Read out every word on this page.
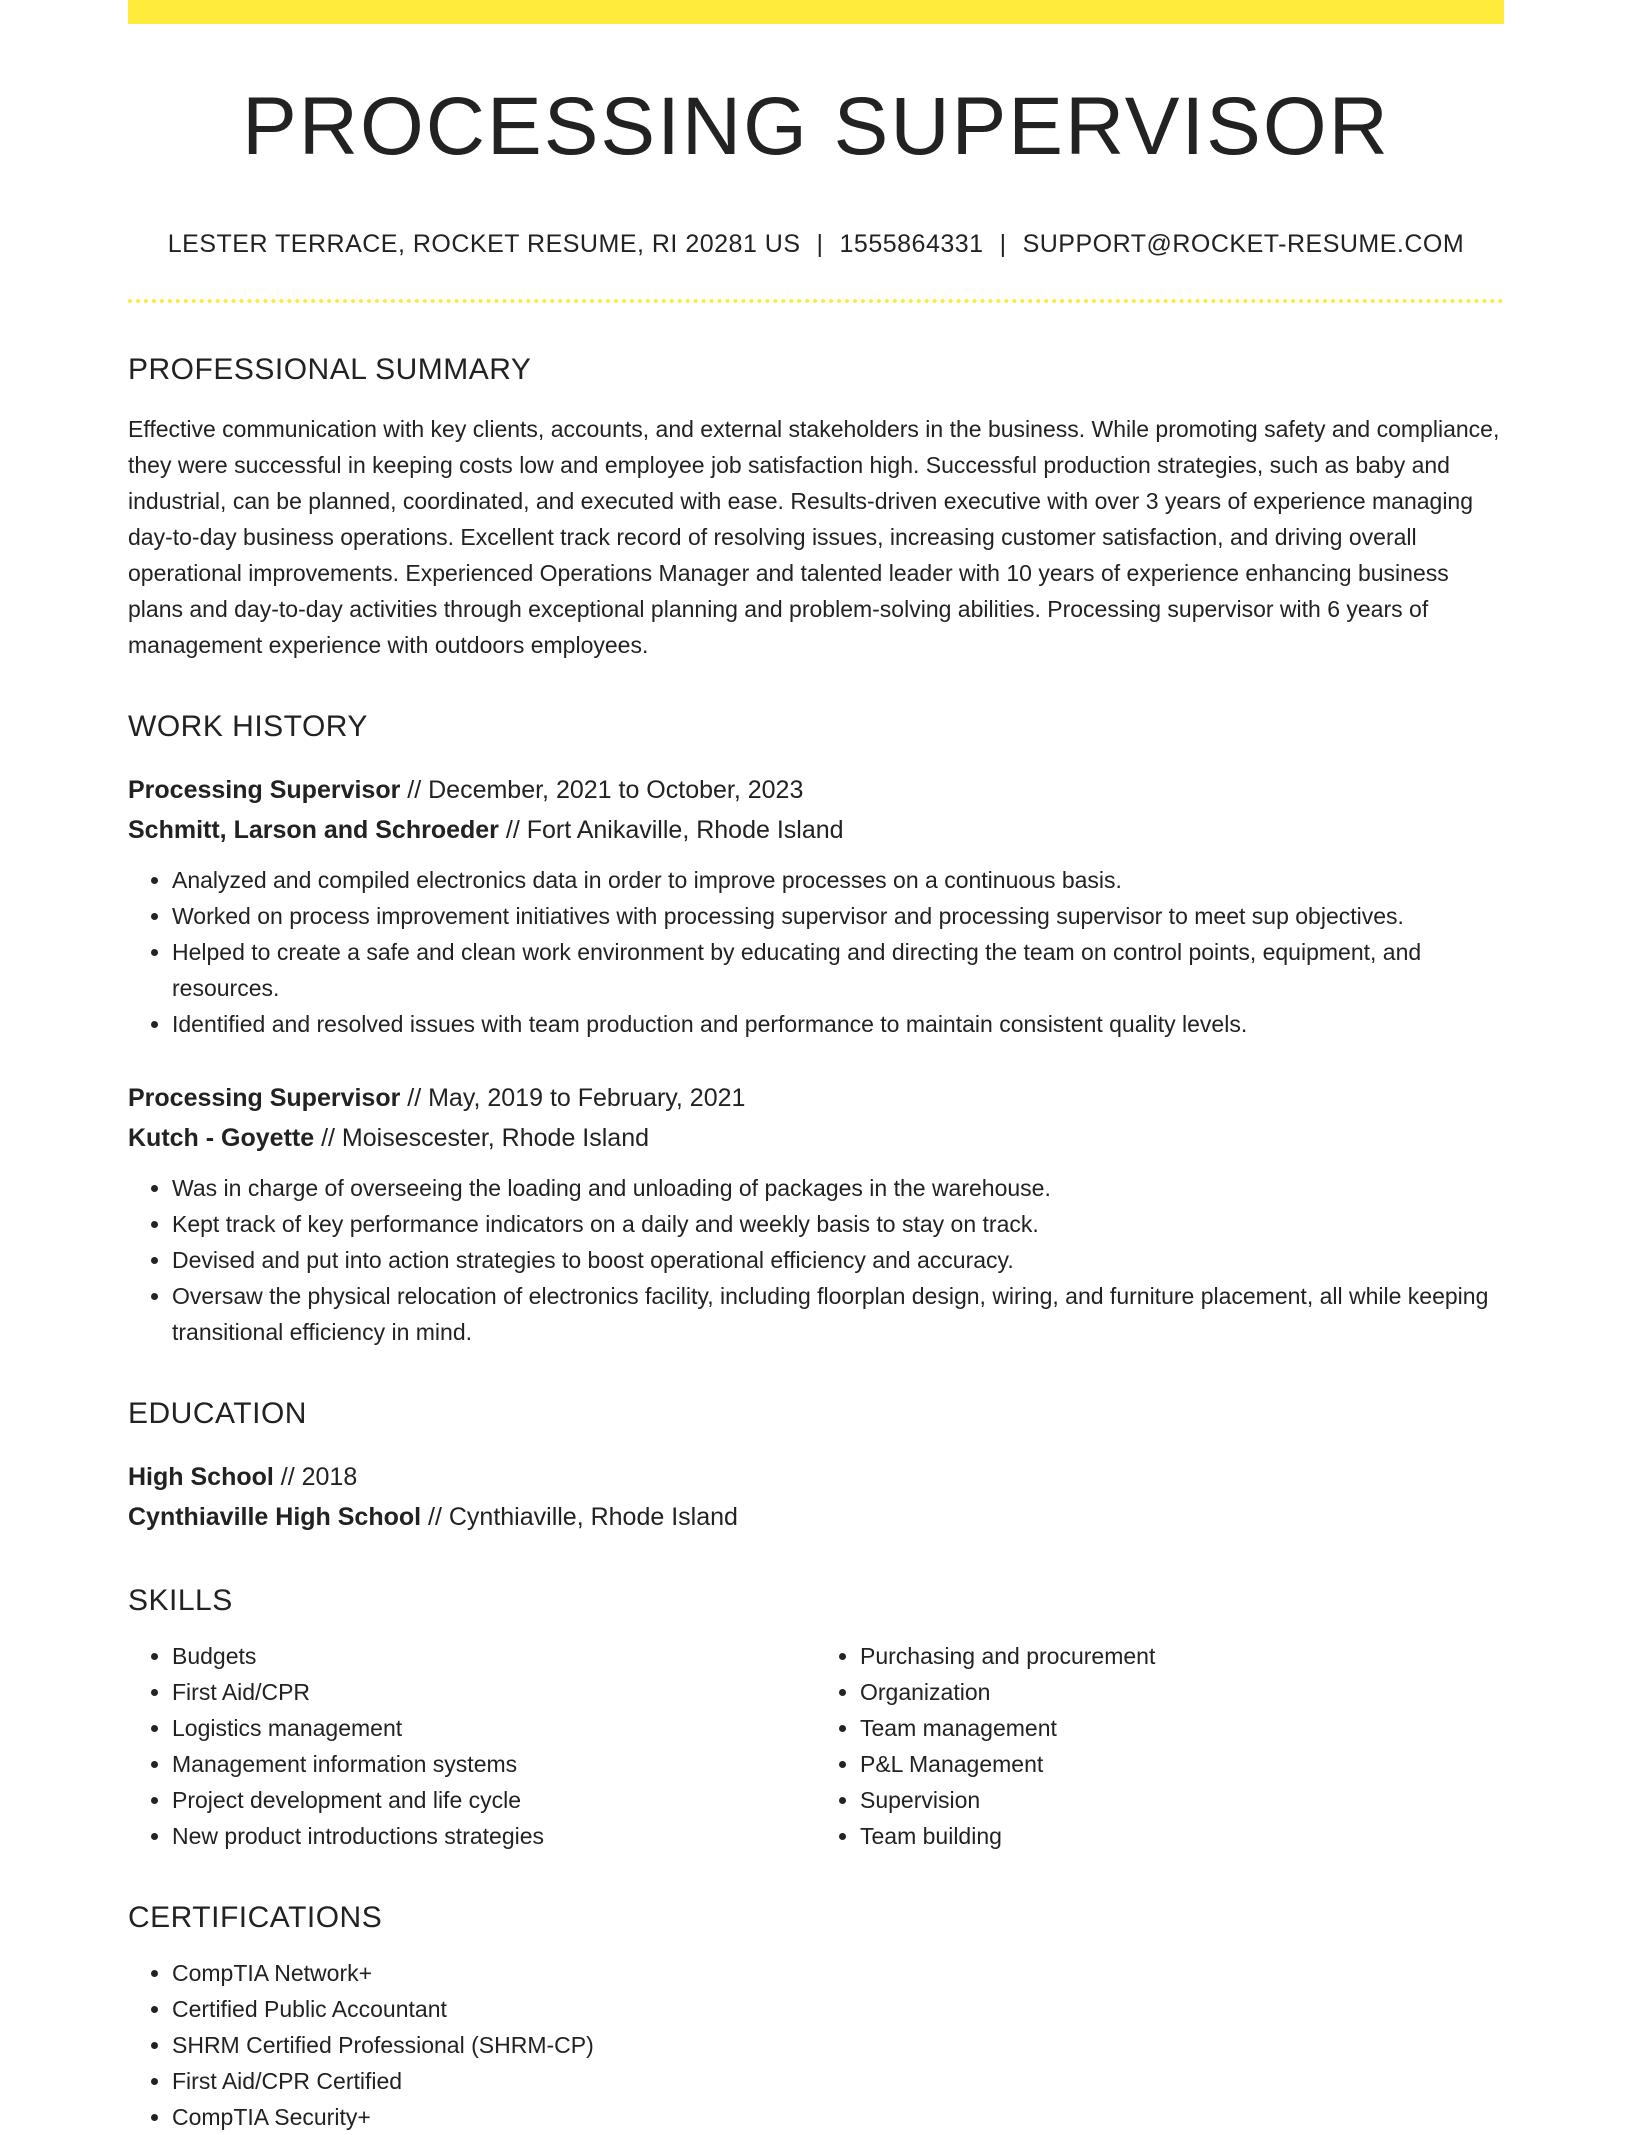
PROCESSING SUPERVISOR
LESTER TERRACE, ROCKET RESUME, RI 20281 US | 1555864331 | SUPPORT@ROCKET-RESUME.COM
PROFESSIONAL SUMMARY

Effective communication with key clients, accounts, and external stakeholders in the business. While promoting safety and compliance, they were successful in keeping costs low and employee job satisfaction high. Successful production strategies, such as baby and industrial, can be planned, coordinated, and executed with ease. Results-driven executive with over 3 years of experience managing day-to-day business operations. Excellent track record of resolving issues, increasing customer satisfaction, and driving overall operational improvements. Experienced Operations Manager and talented leader with 10 years of experience enhancing business plans and day-to-day activities through exceptional planning and problem-solving abilities. Processing supervisor with 6 years of management experience with outdoors employees.

WORK HISTORY
Processing Supervisor // December, 2021 to October, 2023
Schmitt, Larson and Schroeder // Fort Anikaville, Rhode Island
• Analyzed and compiled electronics data in order to improve processes on a continuous basis.
• Worked on process improvement initiatives with processing supervisor and processing supervisor to meet sup objectives.
• Helped to create a safe and clean work environment by educating and directing the team on control points, equipment, and resources.
• Identified and resolved issues with team production and performance to maintain consistent quality levels.
Processing Supervisor // May, 2019 to February, 2021
Kutch - Goyette // Moisescester, Rhode Island
• Was in charge of overseeing the loading and unloading of packages in the warehouse.
• Kept track of key performance indicators on a daily and weekly basis to stay on track.
• Devised and put into action strategies to boost operational efficiency and accuracy.
• Oversaw the physical relocation of electronics facility, including floorplan design, wiring, and furniture placement, all while keeping transitional efficiency in mind.
EDUCATION
High School // 2018
Cynthiaville High School // Cynthiaville, Rhode Island
SKILLS
• Budgets
• First Aid/CPR
• Logistics management
• Management information systems
• Project development and life cycle
• New product introductions strategies
• Purchasing and procurement
• Organization
• Team management
• P&L Management
• Supervision
• Team building
CERTIFICATIONS
• CompTIA Network+
• Certified Public Accountant
• SHRM Certified Professional (SHRM-CP)
• First Aid/CPR Certified
• CompTIA Security+
